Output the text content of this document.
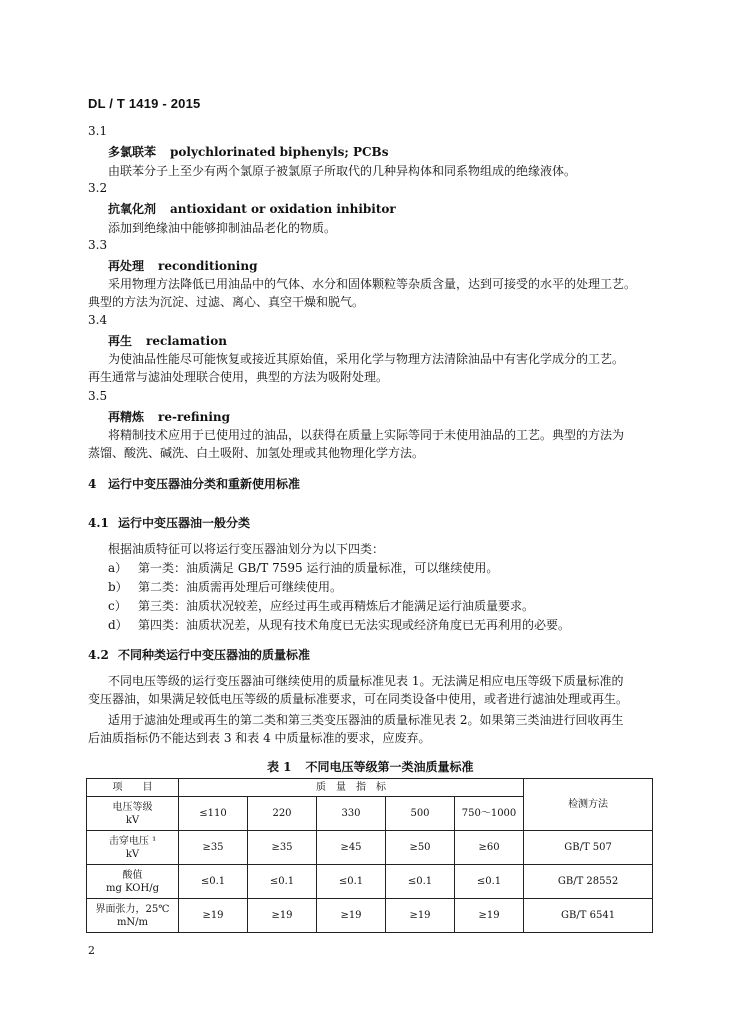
DL / T 1419 - 2015
3.1
多氯联苯 polychlorinated biphenyls; PCBs
由联苯分子上至少有两个氯原子被氯原子所取代的几种异构体和同系物组成的绝缘液体。
3.2
抗氧化剂 antioxidant or oxidation inhibitor
添加到绝缘油中能够抑制油品老化的物质。
3.3
再处理 reconditioning
采用物理方法降低已用油品中的气体、水分和固体颗粒等杂质含量，达到可接受的水平的处理工艺。
典型的方法为沉淀、过滤、离心、真空干燥和脱气。
3.4
再生 reclamation
为使油品性能尽可能恢复或接近其原始值，采用化学与物理方法清除油品中有害化学成分的工艺。
再生通常与滤油处理联合使用，典型的方法为吸附处理。
3.5
再精炼 re-refining
将精制技术应用于已使用过的油品，以获得在质量上实际等同于未使用油品的工艺。典型的方法为
蒸馏、酸洗、碱洗、白土吸附、加氢处理或其他物理化学方法。
4 运行中变压器油分类和重新使用标准
4.1 运行中变压器油一般分类
根据油质特征可以将运行变压器油划分为以下四类：
a） 第一类：油质满足 GB/T 7595 运行油的质量标准，可以继续使用。
b） 第二类：油质需再处理后可继续使用。
c） 第三类：油质状况较差，应经过再生或再精炼后才能满足运行油质量要求。
d） 第四类：油质状况差，从现有技术角度已无法实现或经济角度已无再利用的必要。
4.2 不同种类运行中变压器油的质量标准
不同电压等级的运行变压器油可继续使用的质量标准见表 1。无法满足相应电压等级下质量标准的
变压器油，如果满足较低电压等级的质量标准要求，可在同类设备中使用，或者进行滤油处理或再生。
适用于滤油处理或再生的第二类和第三类变压器油的质量标准见表 2。如果第三类油进行回收再生
后油质指标仍不能达到表 3 和表 4 中质量标准的要求，应废弃。
表 1 不同电压等级第一类油质量标准
项　　目	质　量　指　标					检测方法
电压等级
kV	≤110	220	330	500	750～1000	
击穿电压 ¹
kV	≥35	≥35	≥45	≥50	≥60	GB/T 507
酸值
mg KOH/g	≤0.1	≤0.1	≤0.1	≤0.1	≤0.1	GB/T 28552
界面张力，25℃
mN/m	≥19	≥19	≥19	≥19	≥19	GB/T 6541
2
